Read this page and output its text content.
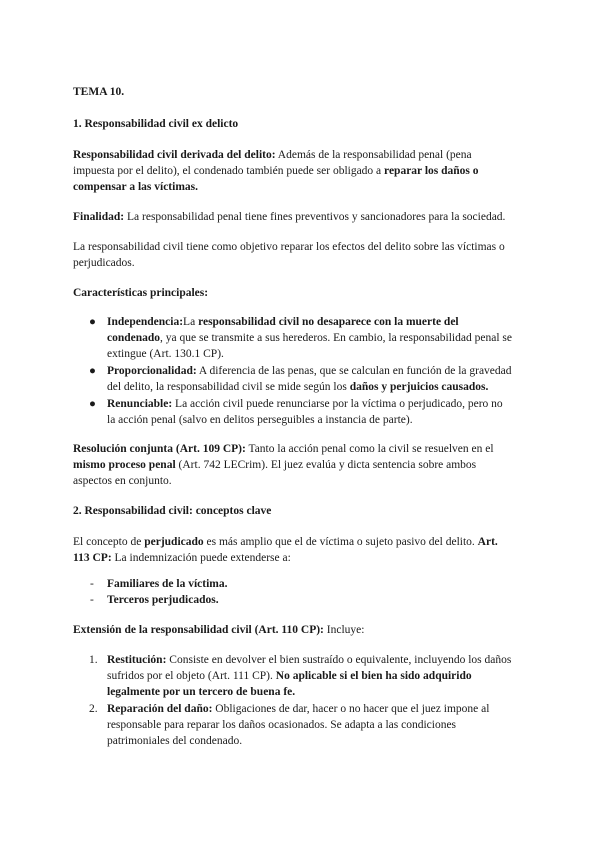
TEMA 10.

1. Responsabilidad civil ex delicto

Responsabilidad civil derivada del delito: Además de la responsabilidad penal (pena impuesta por el delito), el condenado también puede ser obligado a reparar los daños o compensar a las víctimas.

Finalidad: La responsabilidad penal tiene fines preventivos y sancionadores para la sociedad.

La responsabilidad civil tiene como objetivo reparar los efectos del delito sobre las víctimas o perjudicados.

Características principales:

● Independencia:La responsabilidad civil no desaparece con la muerte del condenado, ya que se transmite a sus herederos. En cambio, la responsabilidad penal se extingue (Art. 130.1 CP).
● Proporcionalidad: A diferencia de las penas, que se calculan en función de la gravedad del delito, la responsabilidad civil se mide según los daños y perjuicios causados.
● Renunciable: La acción civil puede renunciarse por la víctima o perjudicado, pero no la acción penal (salvo en delitos perseguibles a instancia de parte).

Resolución conjunta (Art. 109 CP): Tanto la acción penal como la civil se resuelven en el mismo proceso penal (Art. 742 LECrim). El juez evalúa y dicta sentencia sobre ambos aspectos en conjunto.

2. Responsabilidad civil: conceptos clave

El concepto de perjudicado es más amplio que el de víctima o sujeto pasivo del delito. Art. 113 CP: La indemnización puede extenderse a:

- Familiares de la víctima.
- Terceros perjudicados.

Extensión de la responsabilidad civil (Art. 110 CP): Incluye:

1. Restitución: Consiste en devolver el bien sustraído o equivalente, incluyendo los daños sufridos por el objeto (Art. 111 CP). No aplicable si el bien ha sido adquirido legalmente por un tercero de buena fe.
2. Reparación del daño: Obligaciones de dar, hacer o no hacer que el juez impone al responsable para reparar los daños ocasionados. Se adapta a las condiciones patrimoniales del condenado.
